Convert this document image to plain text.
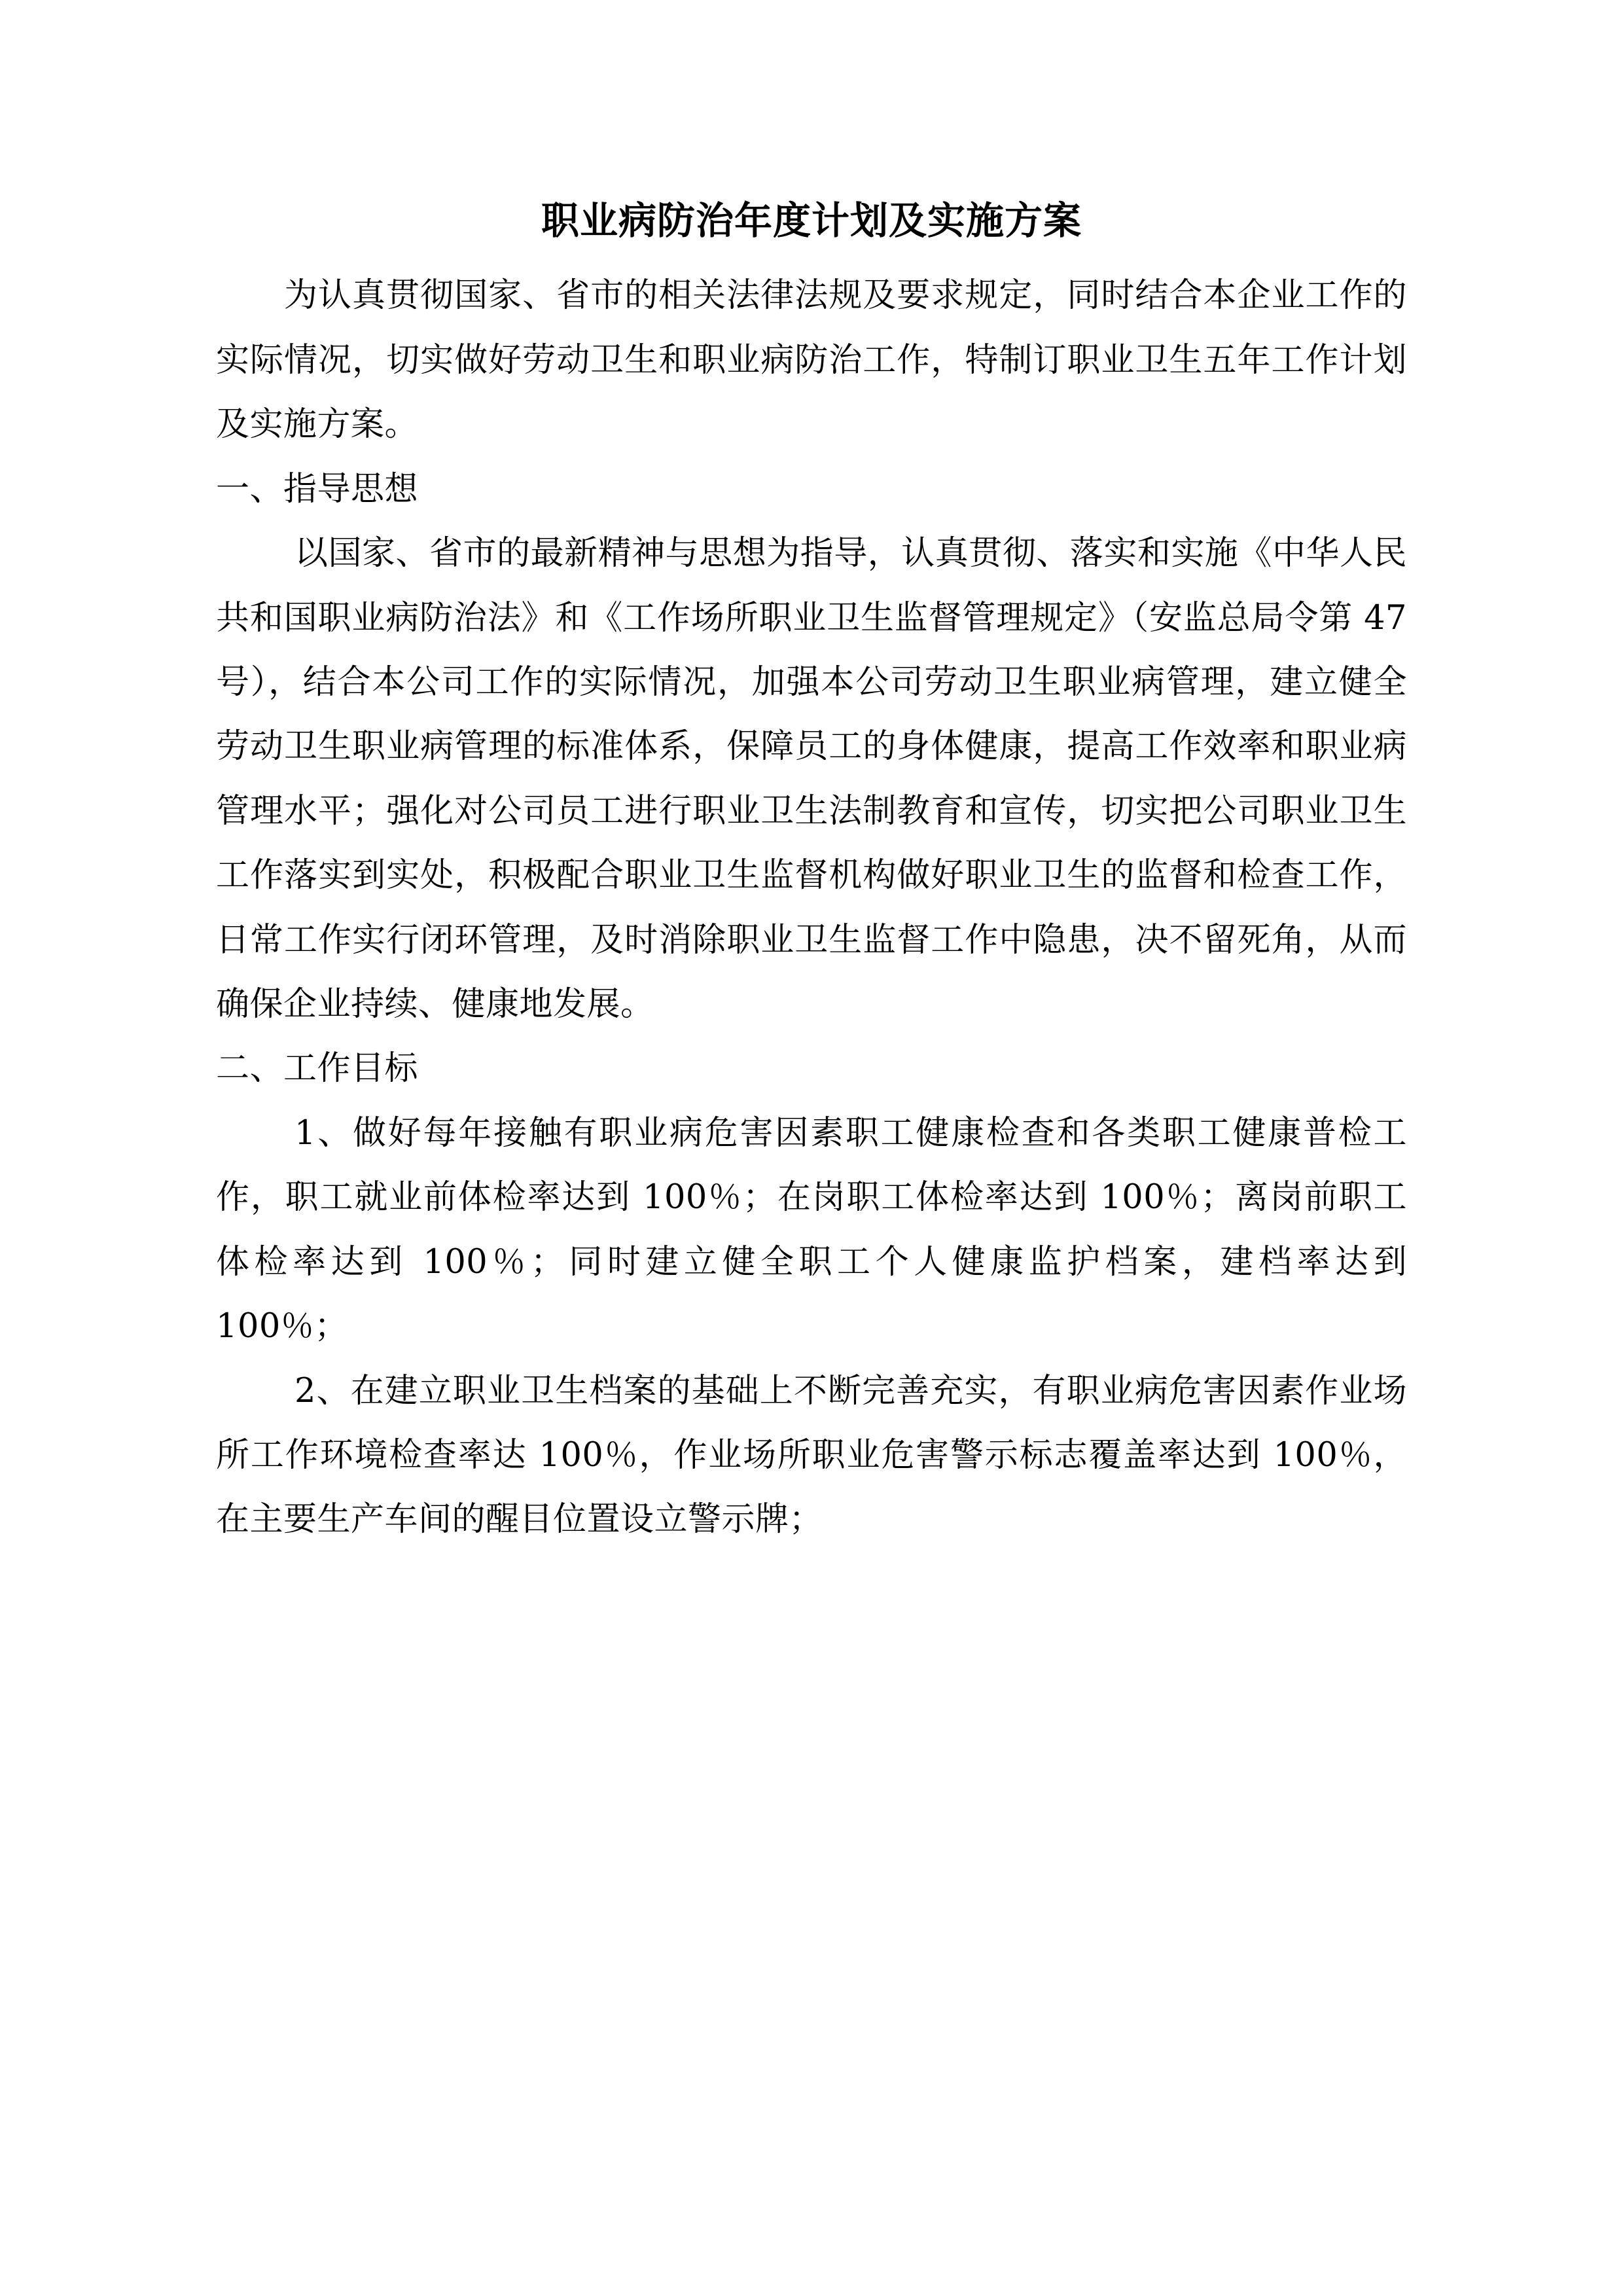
职业病防治年度计划及实施方案

为认真贯彻国家、省市的相关法律法规及要求规定，同时结合本企业工作的实际情况，切实做好劳动卫生和职业病防治工作，特制订职业卫生五年工作计划及实施方案。

一、指导思想

以国家、省市的最新精神与思想为指导，认真贯彻、落实和实施《中华人民共和国职业病防治法》和《工作场所职业卫生监督管理规定》（安监总局令第 47 号），结合本公司工作的实际情况，加强本公司劳动卫生职业病管理，建立健全劳动卫生职业病管理的标准体系，保障员工的身体健康，提高工作效率和职业病管理水平；强化对公司员工进行职业卫生法制教育和宣传，切实把公司职业卫生工作落实到实处，积极配合职业卫生监督机构做好职业卫生的监督和检查工作，日常工作实行闭环管理，及时消除职业卫生监督工作中隐患，决不留死角，从而确保企业持续、健康地发展。

二、工作目标

1、做好每年接触有职业病危害因素职工健康检查和各类职工健康普检工作，职工就业前体检率达到 100％；在岗职工体检率达到 100％；离岗前职工体检率达到 100％；同时建立健全职工个人健康监护档案，建档率达到 100％；

2、在建立职业卫生档案的基础上不断完善充实，有职业病危害因素作业场所工作环境检查率达 100％，作业场所职业危害警示标志覆盖率达到 100％，在主要生产车间的醒目位置设立警示牌；
